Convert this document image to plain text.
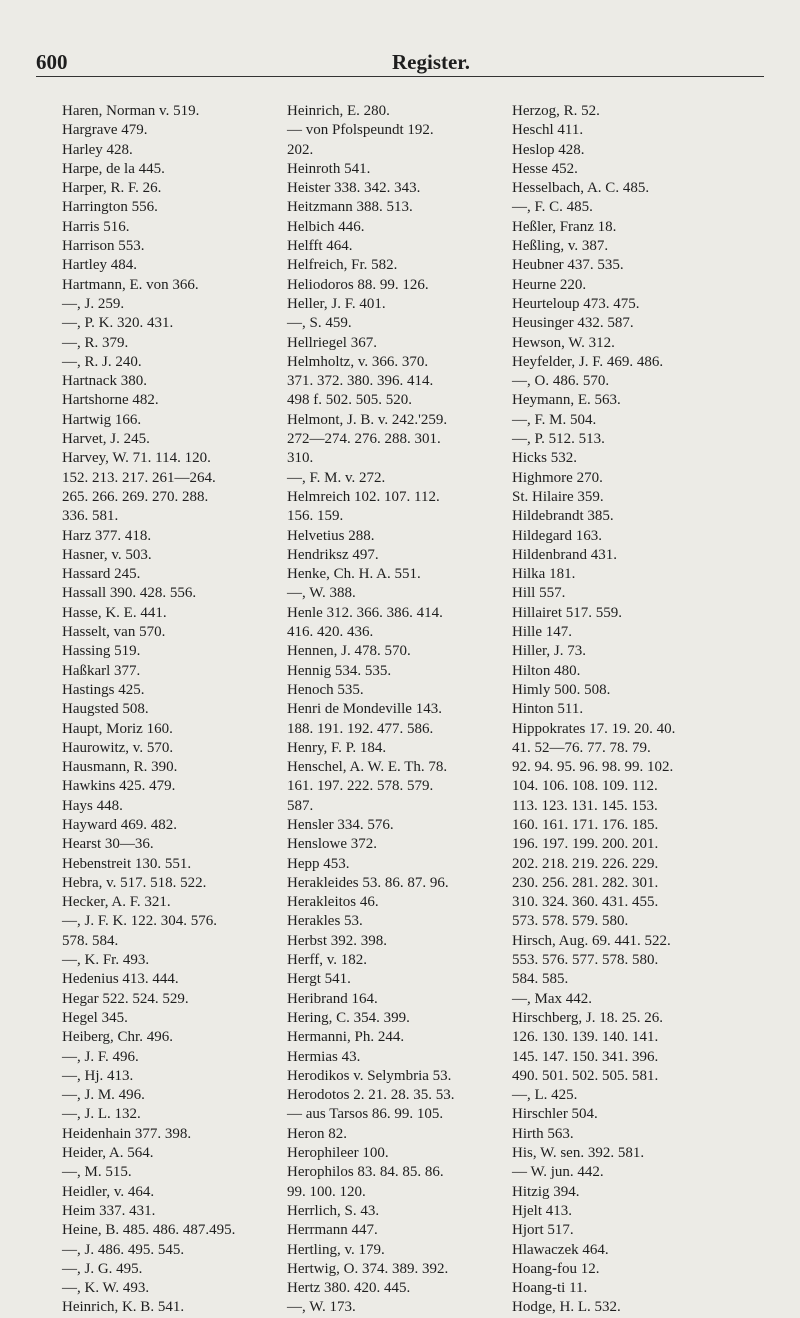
600	Register.
Haren, Norman v. 519.
Hargrave 479.
Harley 428.
Harpe, de la 445.
Harper, R. F. 26.
Harrington 556.
Harris 516.
Harrison 553.
Hartley 484.
Hartmann, E. von 366.
—, J. 259.
—, P. K. 320. 431.
—, R. 379.
—, R. J. 240.
Hartnack 380.
Hartshorne 482.
Hartwig 166.
Harvet, J. 245.
Harvey, W. 71. 114. 120.
152. 213. 217. 261—264.
265. 266. 269. 270. 288.
336. 581.
Harz 377. 418.
Hasner, v. 503.
Hassard 245.
Hassall 390. 428. 556.
Hasse, K. E. 441.
Hasselt, van 570.
Hassing 519.
Haßkarl 377.
Hastings 425.
Haugsted 508.
Haupt, Moriz 160.
Haurowitz, v. 570.
Hausmann, R. 390.
Hawkins 425. 479.
Hays 448.
Hayward 469. 482.
Hearst 30—36.
Hebenstreit 130. 551.
Hebra, v. 517. 518. 522.
Hecker, A. F. 321.
—, J. F. K. 122. 304. 576.
578. 584.
—, K. Fr. 493.
Hedenius 413. 444.
Hegar 522. 524. 529.
Hegel 345.
Heiberg, Chr. 496.
—, J. F. 496.
—, Hj. 413.
—, J. M. 496.
—, J. L. 132.
Heidenhain 377. 398.
Heider, A. 564.
—, M. 515.
Heidler, v. 464.
Heim 337. 431.
Heine, B. 485. 486. 487.495.
—, J. 486. 495. 545.
—, J. G. 495.
—, K. W. 493.
Heinrich, K. B. 541.
Heinrich, E. 280.
— von Pfolspeundt 192.
202.
Heinroth 541.
Heister 338. 342. 343.
Heitzmann 388. 513.
Helbich 446.
Helfft 464.
Helfreich, Fr. 582.
Heliodoros 88. 99. 126.
Heller, J. F. 401.
—, S. 459.
Hellriegel 367.
Helmholtz, v. 366. 370.
371. 372. 380. 396. 414.
498 f. 502. 505. 520.
Helmont, J. B. v. 242.'259.
272—274. 276. 288. 301.
310.
—, F. M. v. 272.
Helmreich 102. 107. 112.
156. 159.
Helvetius 288.
Hendriksz 497.
Henke, Ch. H. A. 551.
—, W. 388.
Henle 312. 366. 386. 414.
416. 420. 436.
Hennen, J. 478. 570.
Hennig 534. 535.
Henoch 535.
Henri de Mondeville 143.
188. 191. 192. 477. 586.
Henry, F. P. 184.
Henschel, A. W. E. Th. 78.
161. 197. 222. 578. 579.
587.
Hensler 334. 576.
Henslowe 372.
Hepp 453.
Herakleides 53. 86. 87. 96.
Herakleitos 46.
Herakles 53.
Herbst 392. 398.
Herff, v. 182.
Hergt 541.
Heribrand 164.
Hering, C. 354. 399.
Hermanni, Ph. 244.
Hermias 43.
Herodikos v. Selymbria 53.
Herodotos 2. 21. 28. 35. 53.
— aus Tarsos 86. 99. 105.
Heron 82.
Herophileer 100.
Herophilos 83. 84. 85. 86.
99. 100. 120.
Herrlich, S. 43.
Herrmann 447.
Hertling, v. 179.
Hertwig, O. 374. 389. 392.
Hertz 380. 420. 445.
—, W. 173.
Herzog, R. 52.
Heschl 411.
Heslop 428.
Hesse 452.
Hesselbach, A. C. 485.
—, F. C. 485.
Heßler, Franz 18.
Heßling, v. 387.
Heubner 437. 535.
Heurne 220.
Heurteloup 473. 475.
Heusinger 432. 587.
Hewson, W. 312.
Heyfelder, J. F. 469. 486.
—, O. 486. 570.
Heymann, E. 563.
—, F. M. 504.
—, P. 512. 513.
Hicks 532.
Highmore 270.
St. Hilaire 359.
Hildebrandt 385.
Hildegard 163.
Hildenbrand 431.
Hilka 181.
Hill 557.
Hillairet 517. 559.
Hille 147.
Hiller, J. 73.
Hilton 480.
Himly 500. 508.
Hinton 511.
Hippokrates 17. 19. 20. 40.
41. 52—76. 77. 78. 79.
92. 94. 95. 96. 98. 99. 102.
104. 106. 108. 109. 112.
113. 123. 131. 145. 153.
160. 161. 171. 176. 185.
196. 197. 199. 200. 201.
202. 218. 219. 226. 229.
230. 256. 281. 282. 301.
310. 324. 360. 431. 455.
573. 578. 579. 580.
Hirsch, Aug. 69. 441. 522.
553. 576. 577. 578. 580.
584. 585.
—, Max 442.
Hirschberg, J. 18. 25. 26.
126. 130. 139. 140. 141.
145. 147. 150. 341. 396.
490. 501. 502. 505. 581.
—, L. 425.
Hirschler 504.
Hirth 563.
His, W. sen. 392. 581.
— W. jun. 442.
Hitzig 394.
Hjelt 413.
Hjort 517.
Hlawaczek 464.
Hoang-fou 12.
Hoang-ti 11.
Hodge, H. L. 532.
